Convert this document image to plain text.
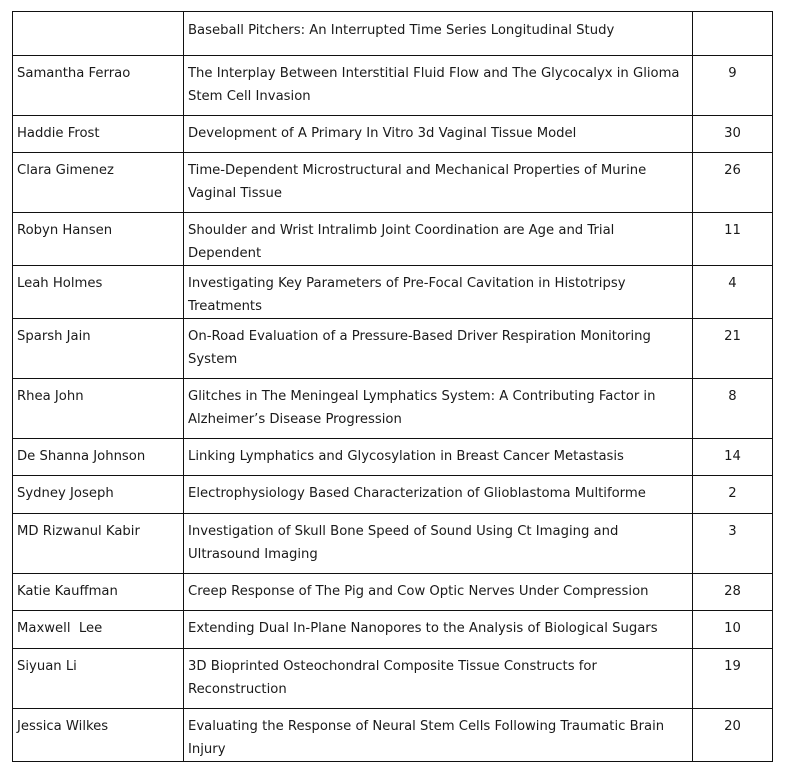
	Baseball Pitchers: An Interrupted Time Series Longitudinal Study	
Samantha Ferrao	The Interplay Between Interstitial Fluid Flow and The Glycocalyx in Glioma Stem Cell Invasion	9
Haddie Frost	Development of A Primary In Vitro 3d Vaginal Tissue Model	30
Clara Gimenez	Time-Dependent Microstructural and Mechanical Properties of Murine Vaginal Tissue	26
Robyn Hansen	Shoulder and Wrist Intralimb Joint Coordination are Age and Trial Dependent	11
Leah Holmes	Investigating Key Parameters of Pre-Focal Cavitation in Histotripsy Treatments	4
Sparsh Jain	On-Road Evaluation of a Pressure-Based Driver Respiration Monitoring System	21
Rhea John	Glitches in The Meningeal Lymphatics System: A Contributing Factor in Alzheimer’s Disease Progression	8
De Shanna Johnson	Linking Lymphatics and Glycosylation in Breast Cancer Metastasis	14
Sydney Joseph	Electrophysiology Based Characterization of Glioblastoma Multiforme	2
MD Rizwanul Kabir	Investigation of Skull Bone Speed of Sound Using Ct Imaging and Ultrasound Imaging	3
Katie Kauffman	Creep Response of The Pig and Cow Optic Nerves Under Compression	28
Maxwell  Lee	Extending Dual In-Plane Nanopores to the Analysis of Biological Sugars	10
Siyuan Li	3D Bioprinted Osteochondral Composite Tissue Constructs for Reconstruction	19
Jessica Wilkes	Evaluating the Response of Neural Stem Cells Following Traumatic Brain Injury	20
